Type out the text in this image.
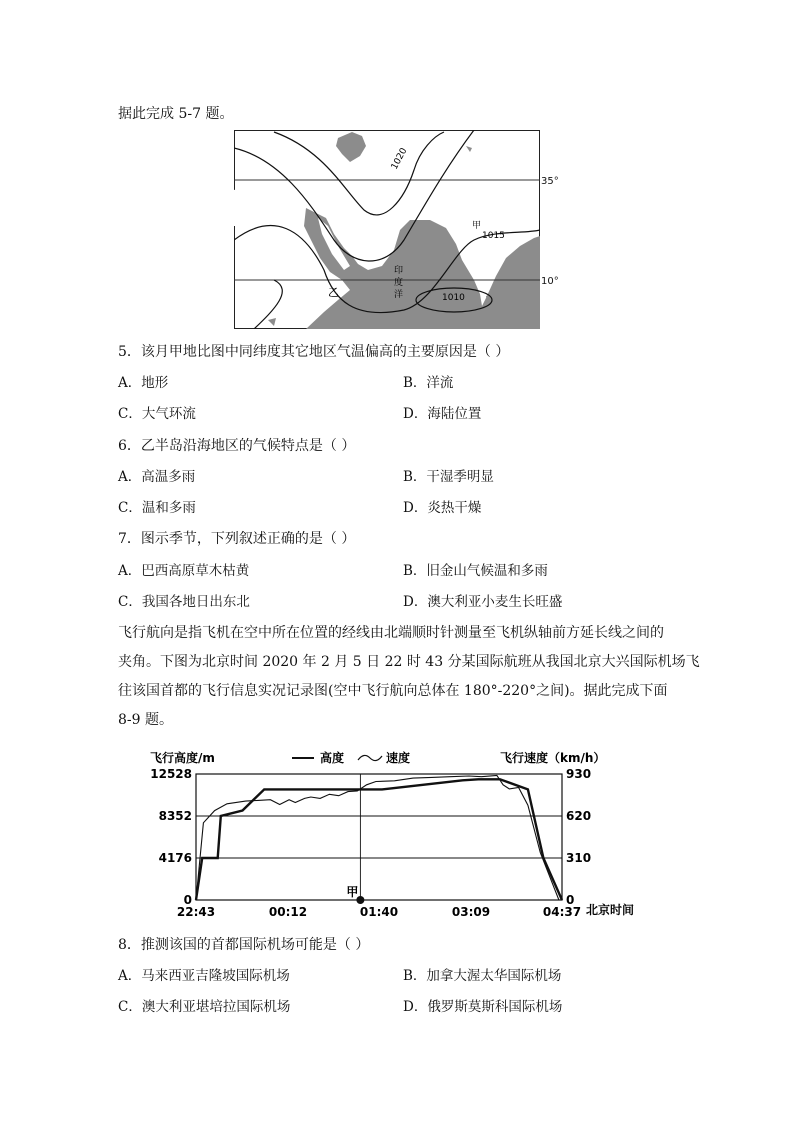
据此完成 5-7 题。
1020
1015
1010
甲
乙
印
度
洋
35°
10°
5．该月甲地比图中同纬度其它地区气温偏高的主要原因是（ ）
A．地形	B．洋流
C．大气环流	D．海陆位置
6．乙半岛沿海地区的气候特点是（ ）
A．高温多雨	B．干湿季明显
C．温和多雨	D．炎热干燥
7．图示季节，下列叙述正确的是（ ）
A．巴西高原草木枯黄	B．旧金山气候温和多雨
C．我国各地日出东北	D．澳大利亚小麦生长旺盛
飞行航向是指飞机在空中所在位置的经线由北端顺时针测量至飞机纵轴前方延长线之间的
夹角。下图为北京时间 2020 年 2 月 5 日 22 时 43 分某国际航班从我国北京大兴国际机场飞
往该国首都的飞行信息实况记录图(空中飞行航向总体在 180°-220°之间)。据此完成下面
8-9 题。
飞行高度/m	飞行速度（km/h）
高度	速度
北京时间
12528
8352
4176
0
930
620
310
0
22:43	00:12	01:40	03:09	04:37
甲
8．推测该国的首都国际机场可能是（ ）
A．马来西亚吉隆坡国际机场	B．加拿大渥太华国际机场
C．澳大利亚堪培拉国际机场	D．俄罗斯莫斯科国际机场
